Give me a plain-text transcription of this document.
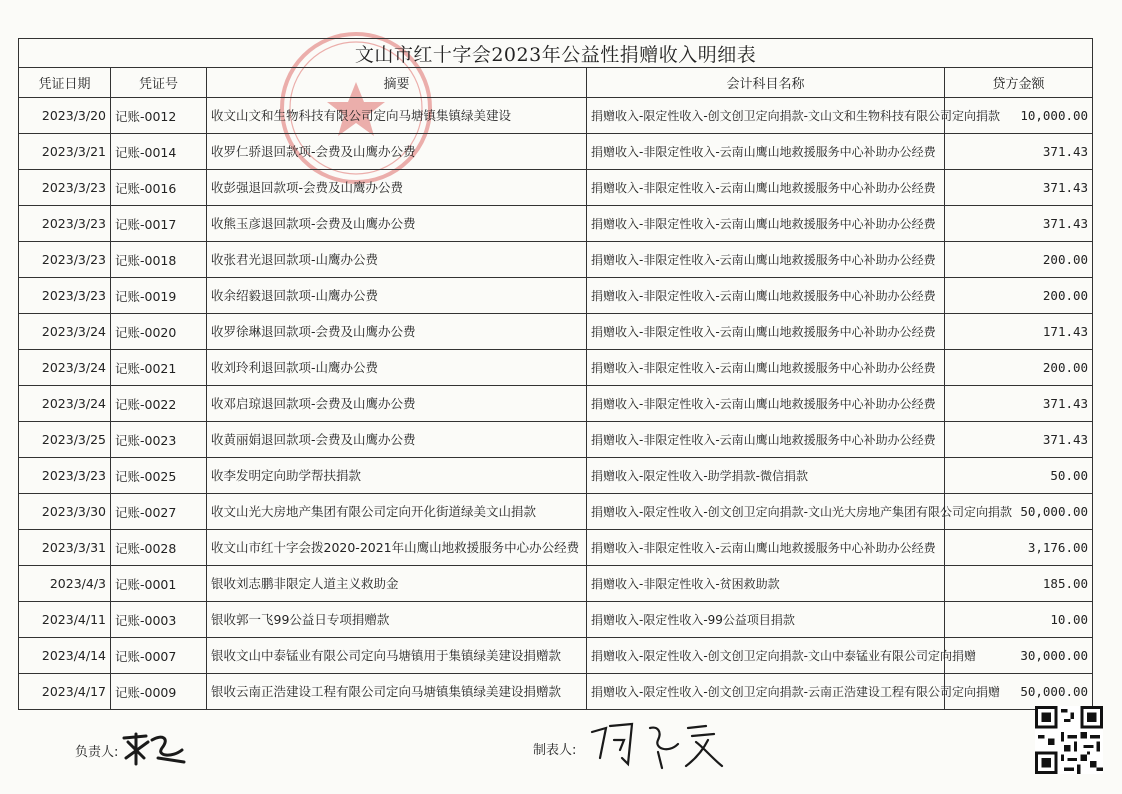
文山市红十字会2023年公益性捐赠收入明细表				
凭证日期	凭证号	摘要	会计科目名称	贷方金额
2023/3/20	记账-0012	收文山文和生物科技有限公司定向马塘镇集镇绿美建设	捐赠收入-限定性收入-创文创卫定向捐款-文山文和生物科技有限公司定向捐款	10,000.00
2023/3/21	记账-0014	收罗仁骄退回款项-会费及山鹰办公费	捐赠收入-非限定性收入-云南山鹰山地救援服务中心补助办公经费	371.43
2023/3/23	记账-0016	收彭强退回款项-会费及山鹰办公费	捐赠收入-非限定性收入-云南山鹰山地救援服务中心补助办公经费	371.43
2023/3/23	记账-0017	收熊玉彦退回款项-会费及山鹰办公费	捐赠收入-非限定性收入-云南山鹰山地救援服务中心补助办公经费	371.43
2023/3/23	记账-0018	收张君光退回款项-山鹰办公费	捐赠收入-非限定性收入-云南山鹰山地救援服务中心补助办公经费	200.00
2023/3/23	记账-0019	收余绍毅退回款项-山鹰办公费	捐赠收入-非限定性收入-云南山鹰山地救援服务中心补助办公经费	200.00
2023/3/24	记账-0020	收罗徐琳退回款项-会费及山鹰办公费	捐赠收入-非限定性收入-云南山鹰山地救援服务中心补助办公经费	171.43
2023/3/24	记账-0021	收刘玲利退回款项-山鹰办公费	捐赠收入-非限定性收入-云南山鹰山地救援服务中心补助办公经费	200.00
2023/3/24	记账-0022	收邓启琼退回款项-会费及山鹰办公费	捐赠收入-非限定性收入-云南山鹰山地救援服务中心补助办公经费	371.43
2023/3/25	记账-0023	收黄丽娟退回款项-会费及山鹰办公费	捐赠收入-非限定性收入-云南山鹰山地救援服务中心补助办公经费	371.43
2023/3/23	记账-0025	收李发明定向助学帮扶捐款	捐赠收入-限定性收入-助学捐款-微信捐款	50.00
2023/3/30	记账-0027	收文山光大房地产集团有限公司定向开化街道绿美文山捐款	捐赠收入-限定性收入-创文创卫定向捐款-文山光大房地产集团有限公司定向捐款	50,000.00
2023/3/31	记账-0028	收文山市红十字会拨2020-2021年山鹰山地救援服务中心办公经费	捐赠收入-非限定性收入-云南山鹰山地救援服务中心补助办公经费	3,176.00
2023/4/3	记账-0001	银收刘志鹏非限定人道主义救助金	捐赠收入-非限定性收入-贫困救助款	185.00
2023/4/11	记账-0003	银收郭一飞99公益日专项捐赠款	捐赠收入-限定性收入-99公益项目捐款	10.00
2023/4/14	记账-0007	银收文山中泰锰业有限公司定向马塘镇用于集镇绿美建设捐赠款	捐赠收入-限定性收入-创文创卫定向捐款-文山中泰锰业有限公司定向捐赠	30,000.00
2023/4/17	记账-0009	银收云南正浩建设工程有限公司定向马塘镇集镇绿美建设捐赠款	捐赠收入-限定性收入-创文创卫定向捐款-云南正浩建设工程有限公司定向捐赠	50,000.00
负责人:	制表人:
